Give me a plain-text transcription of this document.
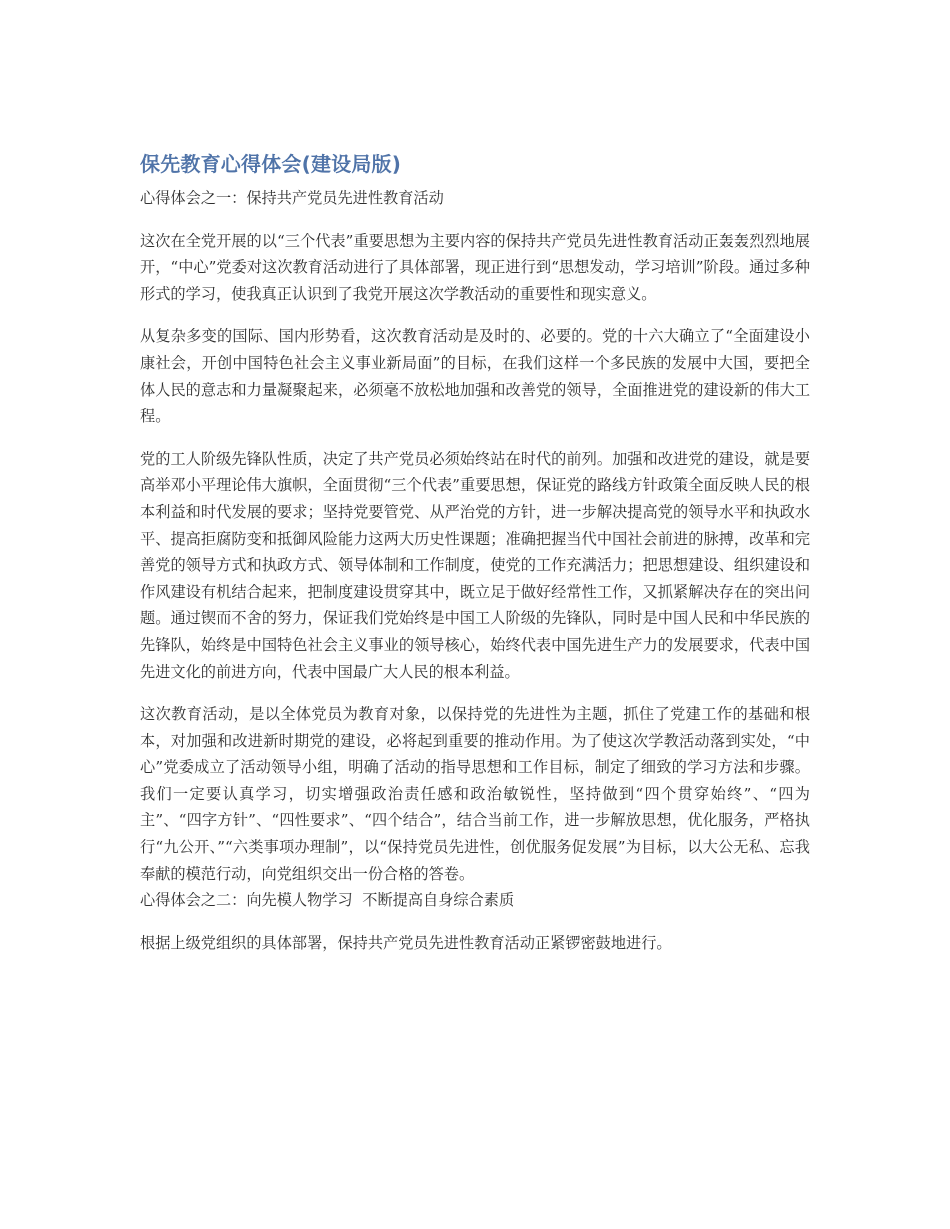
保先教育心得体会(建设局版)

心得体会之一：保持共产党员先进性教育活动

这次在全党开展的以“三个代表”重要思想为主要内容的保持共产党员先进性教育活动正轰轰烈烈地展开，“中心”党委对这次教育活动进行了具体部署，现正进行到“思想发动，学习培训”阶段。通过多种形式的学习，使我真正认识到了我党开展这次学教活动的重要性和现实意义。

从复杂多变的国际、国内形势看，这次教育活动是及时的、必要的。党的十六大确立了“全面建设小康社会，开创中国特色社会主义事业新局面”的目标，在我们这样一个多民族的发展中大国，要把全体人民的意志和力量凝聚起来，必须毫不放松地加强和改善党的领导，全面推进党的建设新的伟大工程。

党的工人阶级先锋队性质，决定了共产党员必须始终站在时代的前列。加强和改进党的建设，就是要高举邓小平理论伟大旗帜，全面贯彻“三个代表”重要思想，保证党的路线方针政策全面反映人民的根本利益和时代发展的要求；坚持党要管党、从严治党的方针，进一步解决提高党的领导水平和执政水平、提高拒腐防变和抵御风险能力这两大历史性课题；准确把握当代中国社会前进的脉搏，改革和完善党的领导方式和执政方式、领导体制和工作制度，使党的工作充满活力；把思想建设、组织建设和作风建设有机结合起来，把制度建设贯穿其中，既立足于做好经常性工作，又抓紧解决存在的突出问题。通过锲而不舍的努力，保证我们党始终是中国工人阶级的先锋队，同时是中国人民和中华民族的先锋队，始终是中国特色社会主义事业的领导核心，始终代表中国先进生产力的发展要求，代表中国先进文化的前进方向，代表中国最广大人民的根本利益。

这次教育活动，是以全体党员为教育对象，以保持党的先进性为主题，抓住了党建工作的基础和根本，对加强和改进新时期党的建设，必将起到重要的推动作用。为了使这次学教活动落到实处，“中心”党委成立了活动领导小组，明确了活动的指导思想和工作目标，制定了细致的学习方法和步骤。我们一定要认真学习，切实增强政治责任感和政治敏锐性，坚持做到“四个贯穿始终”、“四为主”、“四字方针”、“四性要求”、“四个结合”，结合当前工作，进一步解放思想，优化服务，严格执行“九公开、”“六类事项办理制”，以“保持党员先进性，创优服务促发展”为目标，以大公无私、忘我奉献的模范行动，向党组织交出一份合格的答卷。

心得体会之二：向先模人物学习  不断提高自身综合素质

根据上级党组织的具体部署，保持共产党员先进性教育活动正紧锣密鼓地进行。
